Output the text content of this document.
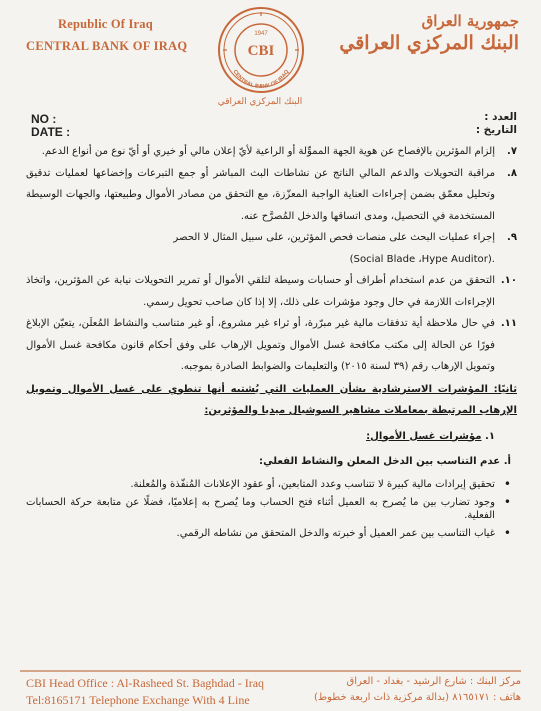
Republic Of Iraq
CENTRAL BANK OF IRAQ
جمهورية العراق
البنك المركزي العراقي
CBI
1947
CENTRAL BANK OF IRAQ
البنك المركزي العراقي
NO :
DATE :
العدد :
التاريخ :
٧.

إلزام المؤثرين بالإفصاح عن هوية الجهة المموِّلة أو الراعية لأيّ إعلان مالي أو خيري أو أيّ نوع من أنواع الدعم.

٨.

مراقبة التحويلات والدعم المالي الناتج عن نشاطات البث المباشر أو جمع التبرعات وإخضاعها لعمليات تدقيق وتحليل معمّق بضمن إجراءات العناية الواجبة المعزّزة، مع التحقق من مصادر الأموال وطبيعتها، والجهات الوسيطة المستخدمة في التحصيل، ومدى اتساقها والدخل المُصرَّح عنه.

٩.

إجراء عمليات البحث على منصات فحص المؤثرين، على سبيل المثال لا الحصر
(Social Blade ،Hype Auditor).

١٠.

التحقق من عدم استخدام أطراف أو حسابات وسيطة لتلقي الأموال أو تمرير التحويلات نيابة عن المؤثرين، واتخاذ الإجراءات اللازمة في حال وجود مؤشرات على ذلك، إلا إذا كان صاحب تحويل رسمي.

١١.

في حال ملاحظة أية تدفقات مالية غير مبرّرة، أو ثراء غير مشروع، أو غير متناسب والنشاط المُعلَن، يتعيّن الإبلاغ فورًا عن الحالة إلى مكتب مكافحة غسل الأموال وتمويل الإرهاب على وفق أحكام قانون مكافحة غسل الأموال وتمويل الإرهاب رقم (٣٩ لسنة ٢٠١٥) والتعليمات والضوابط الصادرة بموجبه.

ثانيًا: المؤشرات الاسترشادية بشأن العمليات التي يُشتبه أنها تنطوي على غسل الأموال وتمويل الإرهاب المرتبطة بمعاملات مشاهير السوشيال ميديا والمؤثرين:
١. مؤشرات غسل الأموال:
أ. عدم التناسب بين الدخل المعلن والنشاط الفعلي:
•
تحقيق إيرادات مالية كبيرة لا تتناسب وعدد المتابعين، أو عقود الإعلانات المُنفّذة والمُعلنة.
•
وجود تضارب بين ما يُصرح به العميل أثناء فتح الحساب وما يُصرح به إعلاميًا، فضلًا عن متابعة حركة الحسابات الفعلية.
•
غياب التناسب بين عمر العميل أو خبرته والدخل المتحقق من نشاطه الرقمي.
CBI Head Office : Al-Rasheed St. Baghdad - Iraq
Tel:8165171 Telephone Exchange With 4 Line
مركز البنك : شارع الرشيد - بغداد - العراق
هاتف : ٨١٦٥١٧١ (بدالة مركزية ذات اربعة خطوط)
